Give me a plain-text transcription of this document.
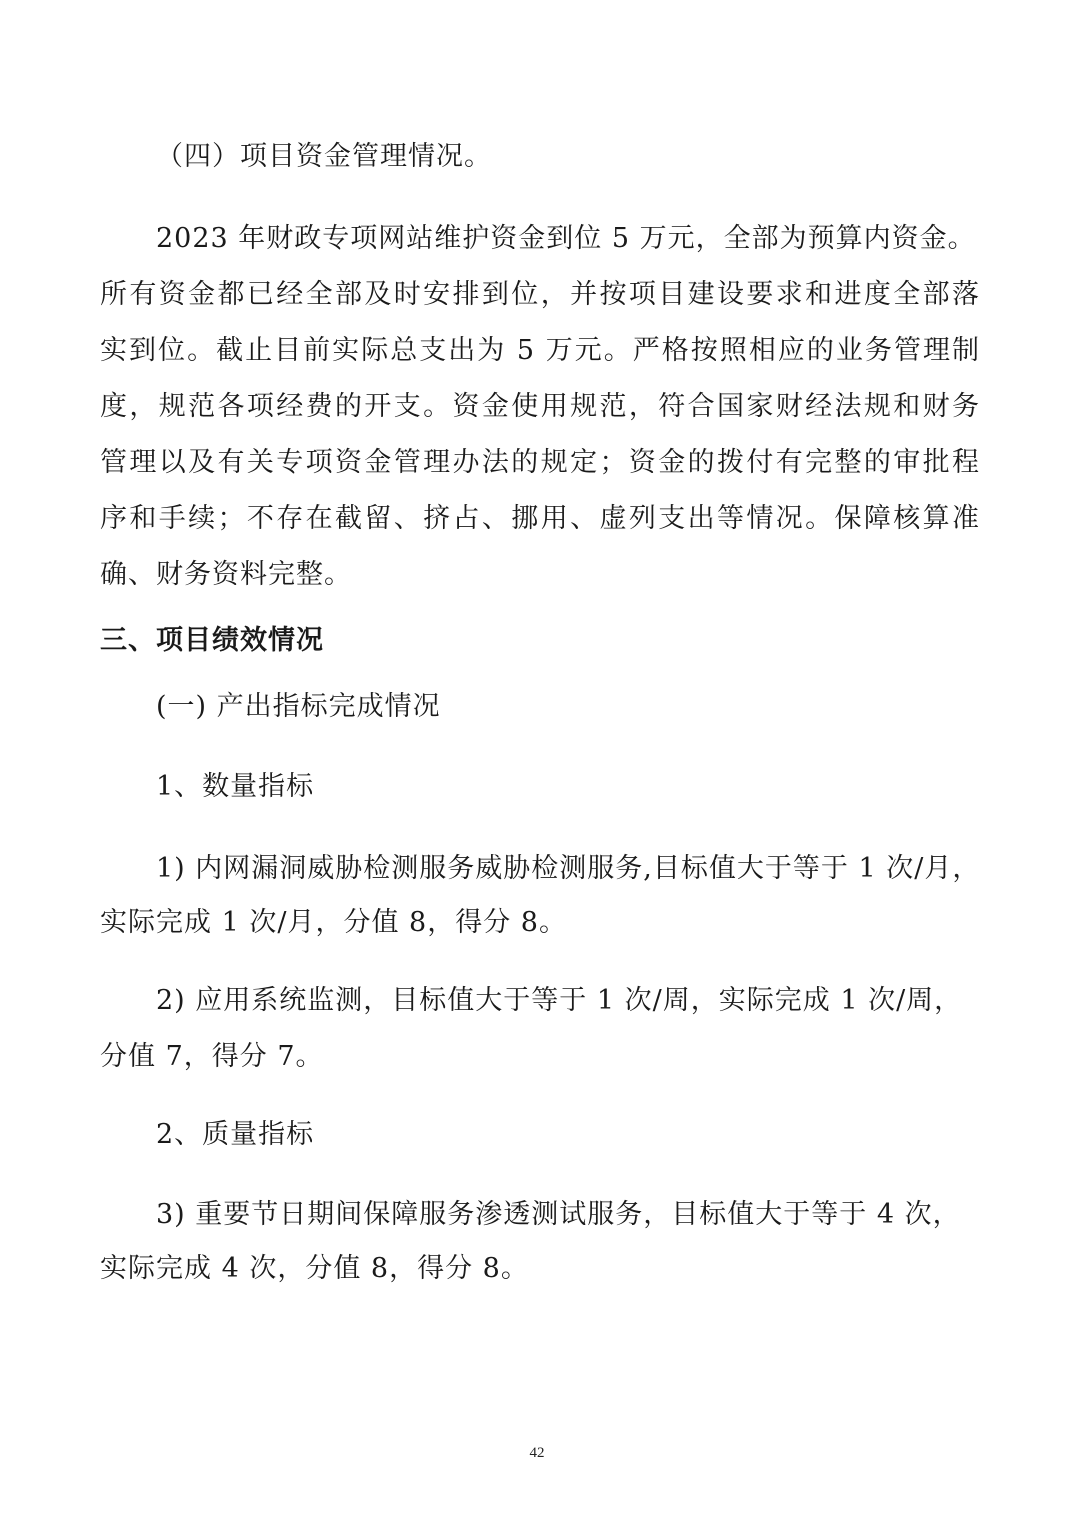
（四）项目资金管理情况。
2023 年财政专项网站维护资金到位 5 万元，全部为预算内资金。
所有资金都已经全部及时安排到位，并按项目建设要求和进度全部落
实到位。截止目前实际总支出为 5 万元。严格按照相应的业务管理制
度，规范各项经费的开支。资金使用规范，符合国家财经法规和财务
管理以及有关专项资金管理办法的规定；资金的拨付有完整的审批程
序和手续；不存在截留、挤占、挪用、虚列支出等情况。保障核算准
确、财务资料完整。
三、项目绩效情况
(一) 产出指标完成情况
1、数量指标
1) 内网漏洞威胁检测服务威胁检测服务,目标值大于等于 1 次/月，
实际完成 1 次/月，分值 8，得分 8。
2) 应用系统监测，目标值大于等于 1 次/周，实际完成 1 次/周，
分值 7，得分 7。
2、质量指标
3) 重要节日期间保障服务渗透测试服务，目标值大于等于 4 次，
实际完成 4 次，分值 8，得分 8。
42
